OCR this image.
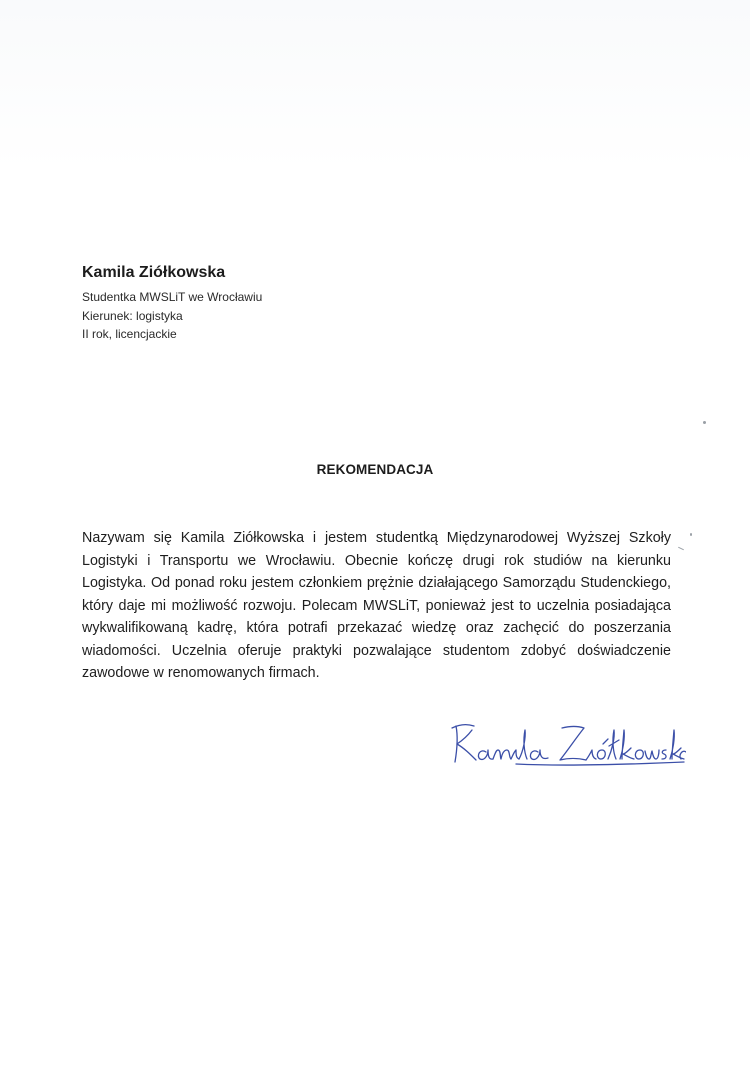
Kamila Ziółkowska
Studentka MWSLiT we Wrocławiu
Kierunek: logistyka
II rok, licencjackie
REKOMENDACJA
Nazywam się Kamila Ziółkowska i jestem studentką Międzynarodowej Wyższej Szkoły Logistyki i Transportu we Wrocławiu. Obecnie kończę drugi rok studiów na kierunku Logistyka. Od ponad roku jestem członkiem prężnie działającego Samorządu Studenckiego, który daje mi możliwość rozwoju. Polecam MWSLiT, ponieważ jest to uczelnia posiadająca wykwalifikowaną kadrę, która potrafi przekazać wiedzę oraz zachęcić do poszerzania wiadomości. Uczelnia oferuje praktyki pozwalające studentom zdobyć doświadczenie zawodowe w renomowanych firmach.
